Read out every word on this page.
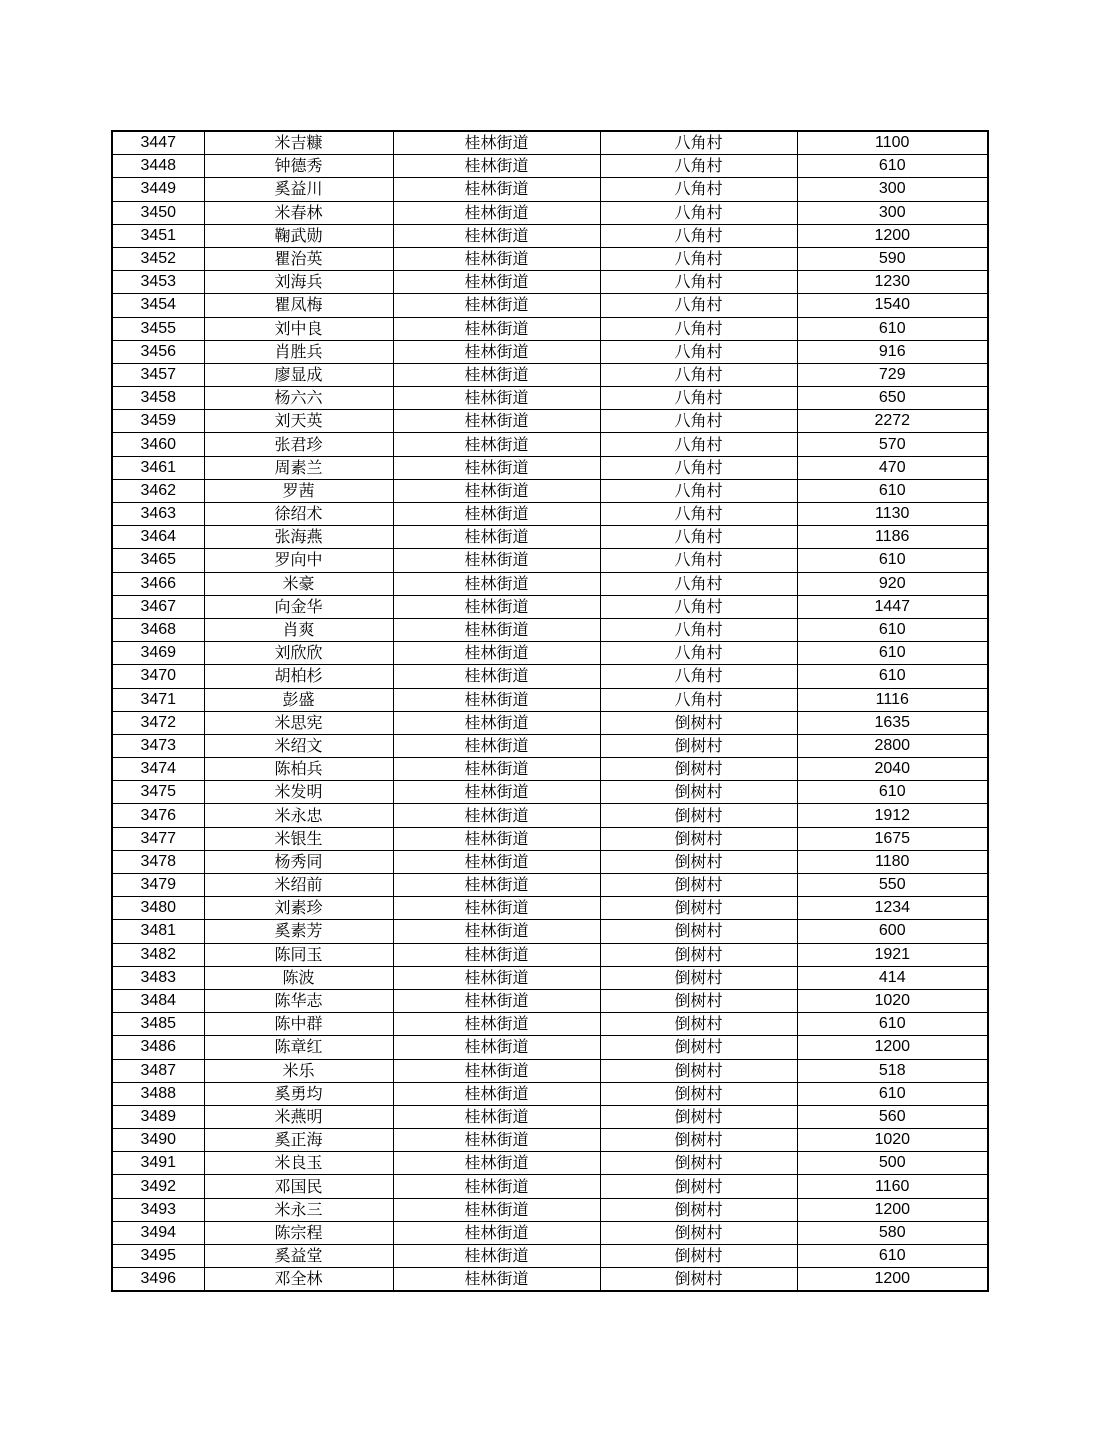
3447	米吉糠	桂林街道	八角村	1100
3448	钟德秀	桂林街道	八角村	610
3449	奚益川	桂林街道	八角村	300
3450	米春林	桂林街道	八角村	300
3451	鞠武勋	桂林街道	八角村	1200
3452	瞿治英	桂林街道	八角村	590
3453	刘海兵	桂林街道	八角村	1230
3454	瞿凤梅	桂林街道	八角村	1540
3455	刘中良	桂林街道	八角村	610
3456	肖胜兵	桂林街道	八角村	916
3457	廖显成	桂林街道	八角村	729
3458	杨六六	桂林街道	八角村	650
3459	刘天英	桂林街道	八角村	2272
3460	张君珍	桂林街道	八角村	570
3461	周素兰	桂林街道	八角村	470
3462	罗茜	桂林街道	八角村	610
3463	徐绍术	桂林街道	八角村	1130
3464	张海燕	桂林街道	八角村	1186
3465	罗向中	桂林街道	八角村	610
3466	米豪	桂林街道	八角村	920
3467	向金华	桂林街道	八角村	1447
3468	肖爽	桂林街道	八角村	610
3469	刘欣欣	桂林街道	八角村	610
3470	胡柏杉	桂林街道	八角村	610
3471	彭盛	桂林街道	八角村	1116
3472	米思宪	桂林街道	倒树村	1635
3473	米绍文	桂林街道	倒树村	2800
3474	陈柏兵	桂林街道	倒树村	2040
3475	米发明	桂林街道	倒树村	610
3476	米永忠	桂林街道	倒树村	1912
3477	米银生	桂林街道	倒树村	1675
3478	杨秀同	桂林街道	倒树村	1180
3479	米绍前	桂林街道	倒树村	550
3480	刘素珍	桂林街道	倒树村	1234
3481	奚素芳	桂林街道	倒树村	600
3482	陈同玉	桂林街道	倒树村	1921
3483	陈波	桂林街道	倒树村	414
3484	陈华志	桂林街道	倒树村	1020
3485	陈中群	桂林街道	倒树村	610
3486	陈章红	桂林街道	倒树村	1200
3487	米乐	桂林街道	倒树村	518
3488	奚勇均	桂林街道	倒树村	610
3489	米燕明	桂林街道	倒树村	560
3490	奚正海	桂林街道	倒树村	1020
3491	米良玉	桂林街道	倒树村	500
3492	邓国民	桂林街道	倒树村	1160
3493	米永三	桂林街道	倒树村	1200
3494	陈宗程	桂林街道	倒树村	580
3495	奚益堂	桂林街道	倒树村	610
3496	邓全林	桂林街道	倒树村	1200
